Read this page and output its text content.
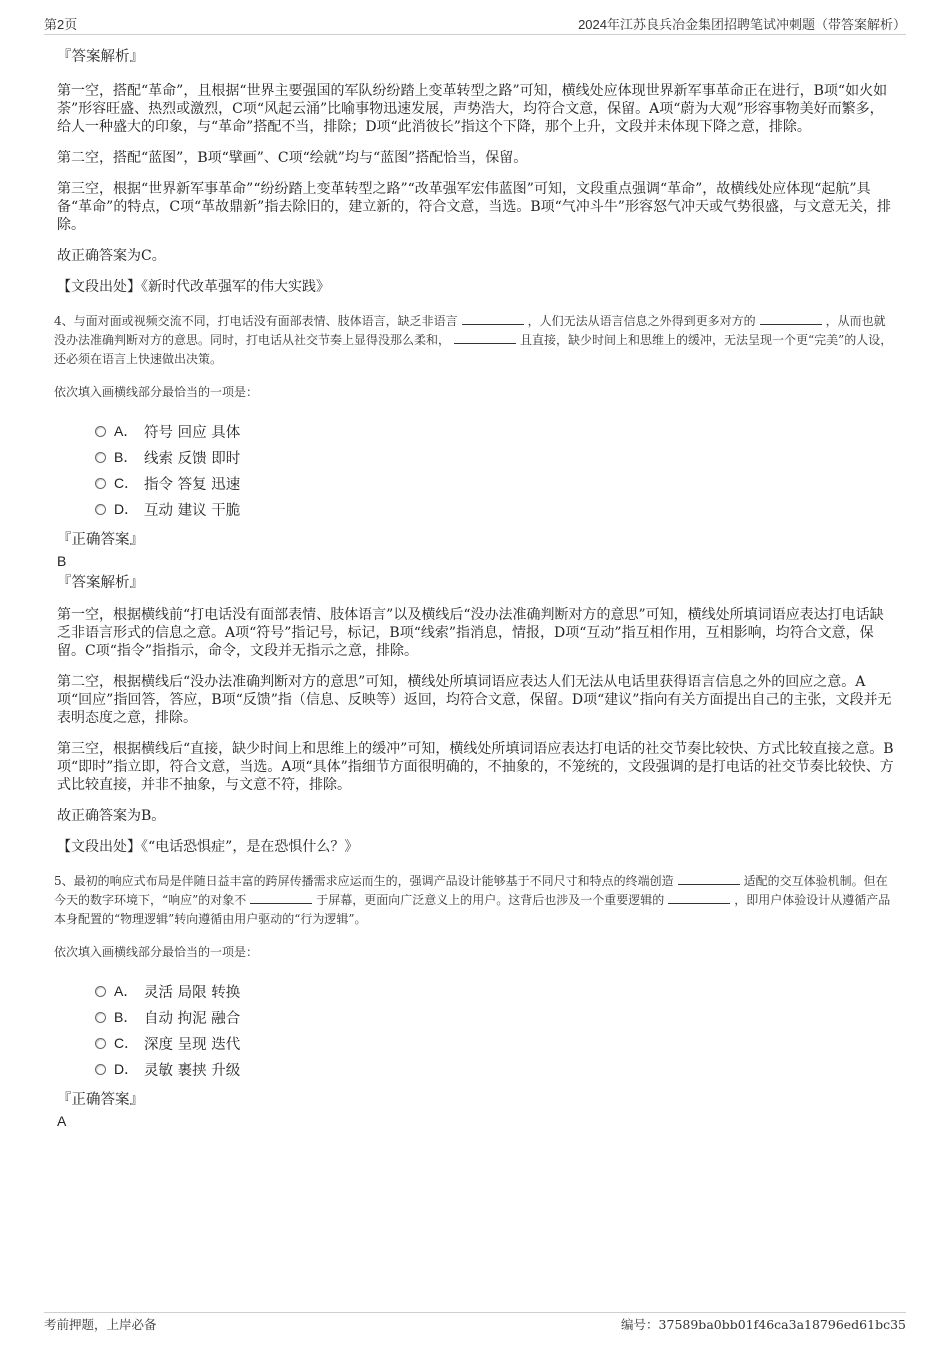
第2页	2024年江苏良兵冶金集团招聘笔试冲刺题（带答案解析）
『答案解析』

第一空，搭配“革命”，且根据“世界主要强国的军队纷纷踏上变革转型之路”可知，横线处应体现世界新军事革命正在进行，B项“如火如荼”形容旺盛、热烈或激烈，C项“风起云涌”比喻事物迅速发展，声势浩大，均符合文意，保留。A项“蔚为大观”形容事物美好而繁多，给人一种盛大的印象，与“革命”搭配不当，排除；D项“此消彼长”指这个下降，那个上升，文段并未体现下降之意，排除。

第二空，搭配“蓝图”，B项“擘画”、C项“绘就”均与“蓝图”搭配恰当，保留。

第三空，根据“世界新军事革命”“纷纷踏上变革转型之路”“改革强军宏伟蓝图”可知，文段重点强调“革命”，故横线处应体现“起航”具备“革命”的特点，C项“革故鼎新”指去除旧的，建立新的，符合文意，当选。B项“气冲斗牛”形容怒气冲天或气势很盛，与文意无关，排除。

故正确答案为C。

【文段出处】《新时代改革强军的伟大实践》

4、与面对面或视频交流不同，打电话没有面部表情、肢体语言，缺乏非语言	，人们无法从语言信息之外得到更多对方的	，从而也就没办法准确判断对方的意思。同时，打电话从社交节奏上显得没那么柔和，	且直接，缺少时间上和思维上的缓冲，无法呈现一个更“完美”的人设，还必须在语言上快速做出决策。

依次填入画横线部分最恰当的一项是：

A． 符号 回应 具体
B． 线索 反馈 即时
C． 指令 答复 迅速
D． 互动 建议 干脆
『正确答案』
B
『答案解析』

第一空，根据横线前“打电话没有面部表情、肢体语言”以及横线后“没办法准确判断对方的意思”可知，横线处所填词语应表达打电话缺乏非语言形式的信息之意。A项“符号”指记号，标记，B项“线索”指消息，情报，D项“互动”指互相作用，互相影响，均符合文意，保留。C项“指令”指指示，命令，文段并无指示之意，排除。

第二空，根据横线后“没办法准确判断对方的意思”可知，横线处所填词语应表达人们无法从电话里获得语言信息之外的回应之意。A项“回应”指回答，答应，B项“反馈”指（信息、反映等）返回，均符合文意，保留。D项“建议”指向有关方面提出自己的主张，文段并无表明态度之意，排除。

第三空，根据横线后“直接，缺少时间上和思维上的缓冲”可知，横线处所填词语应表达打电话的社交节奏比较快、方式比较直接之意。B项“即时”指立即，符合文意，当选。A项“具体”指细节方面很明确的，不抽象的，不笼统的，文段强调的是打电话的社交节奏比较快、方式比较直接，并非不抽象，与文意不符，排除。

故正确答案为B。

【文段出处】《“电话恐惧症”，是在恐惧什么？》

5、最初的响应式布局是伴随日益丰富的跨屏传播需求应运而生的，强调产品设计能够基于不同尺寸和特点的终端创造	适配的交互体验机制。但在今天的数字环境下，“响应”的对象不	于屏幕，更面向广泛意义上的用户。这背后也涉及一个重要逻辑的	，即用户体验设计从遵循产品本身配置的“物理逻辑”转向遵循由用户驱动的“行为逻辑”。

依次填入画横线部分最恰当的一项是：

A． 灵活 局限 转换
B． 自动 拘泥 融合
C． 深度 呈现 迭代
D． 灵敏 裹挟 升级
『正确答案』
A
考前押题，上岸必备	编号：37589ba0bb01f46ca3a18796ed61bc35
